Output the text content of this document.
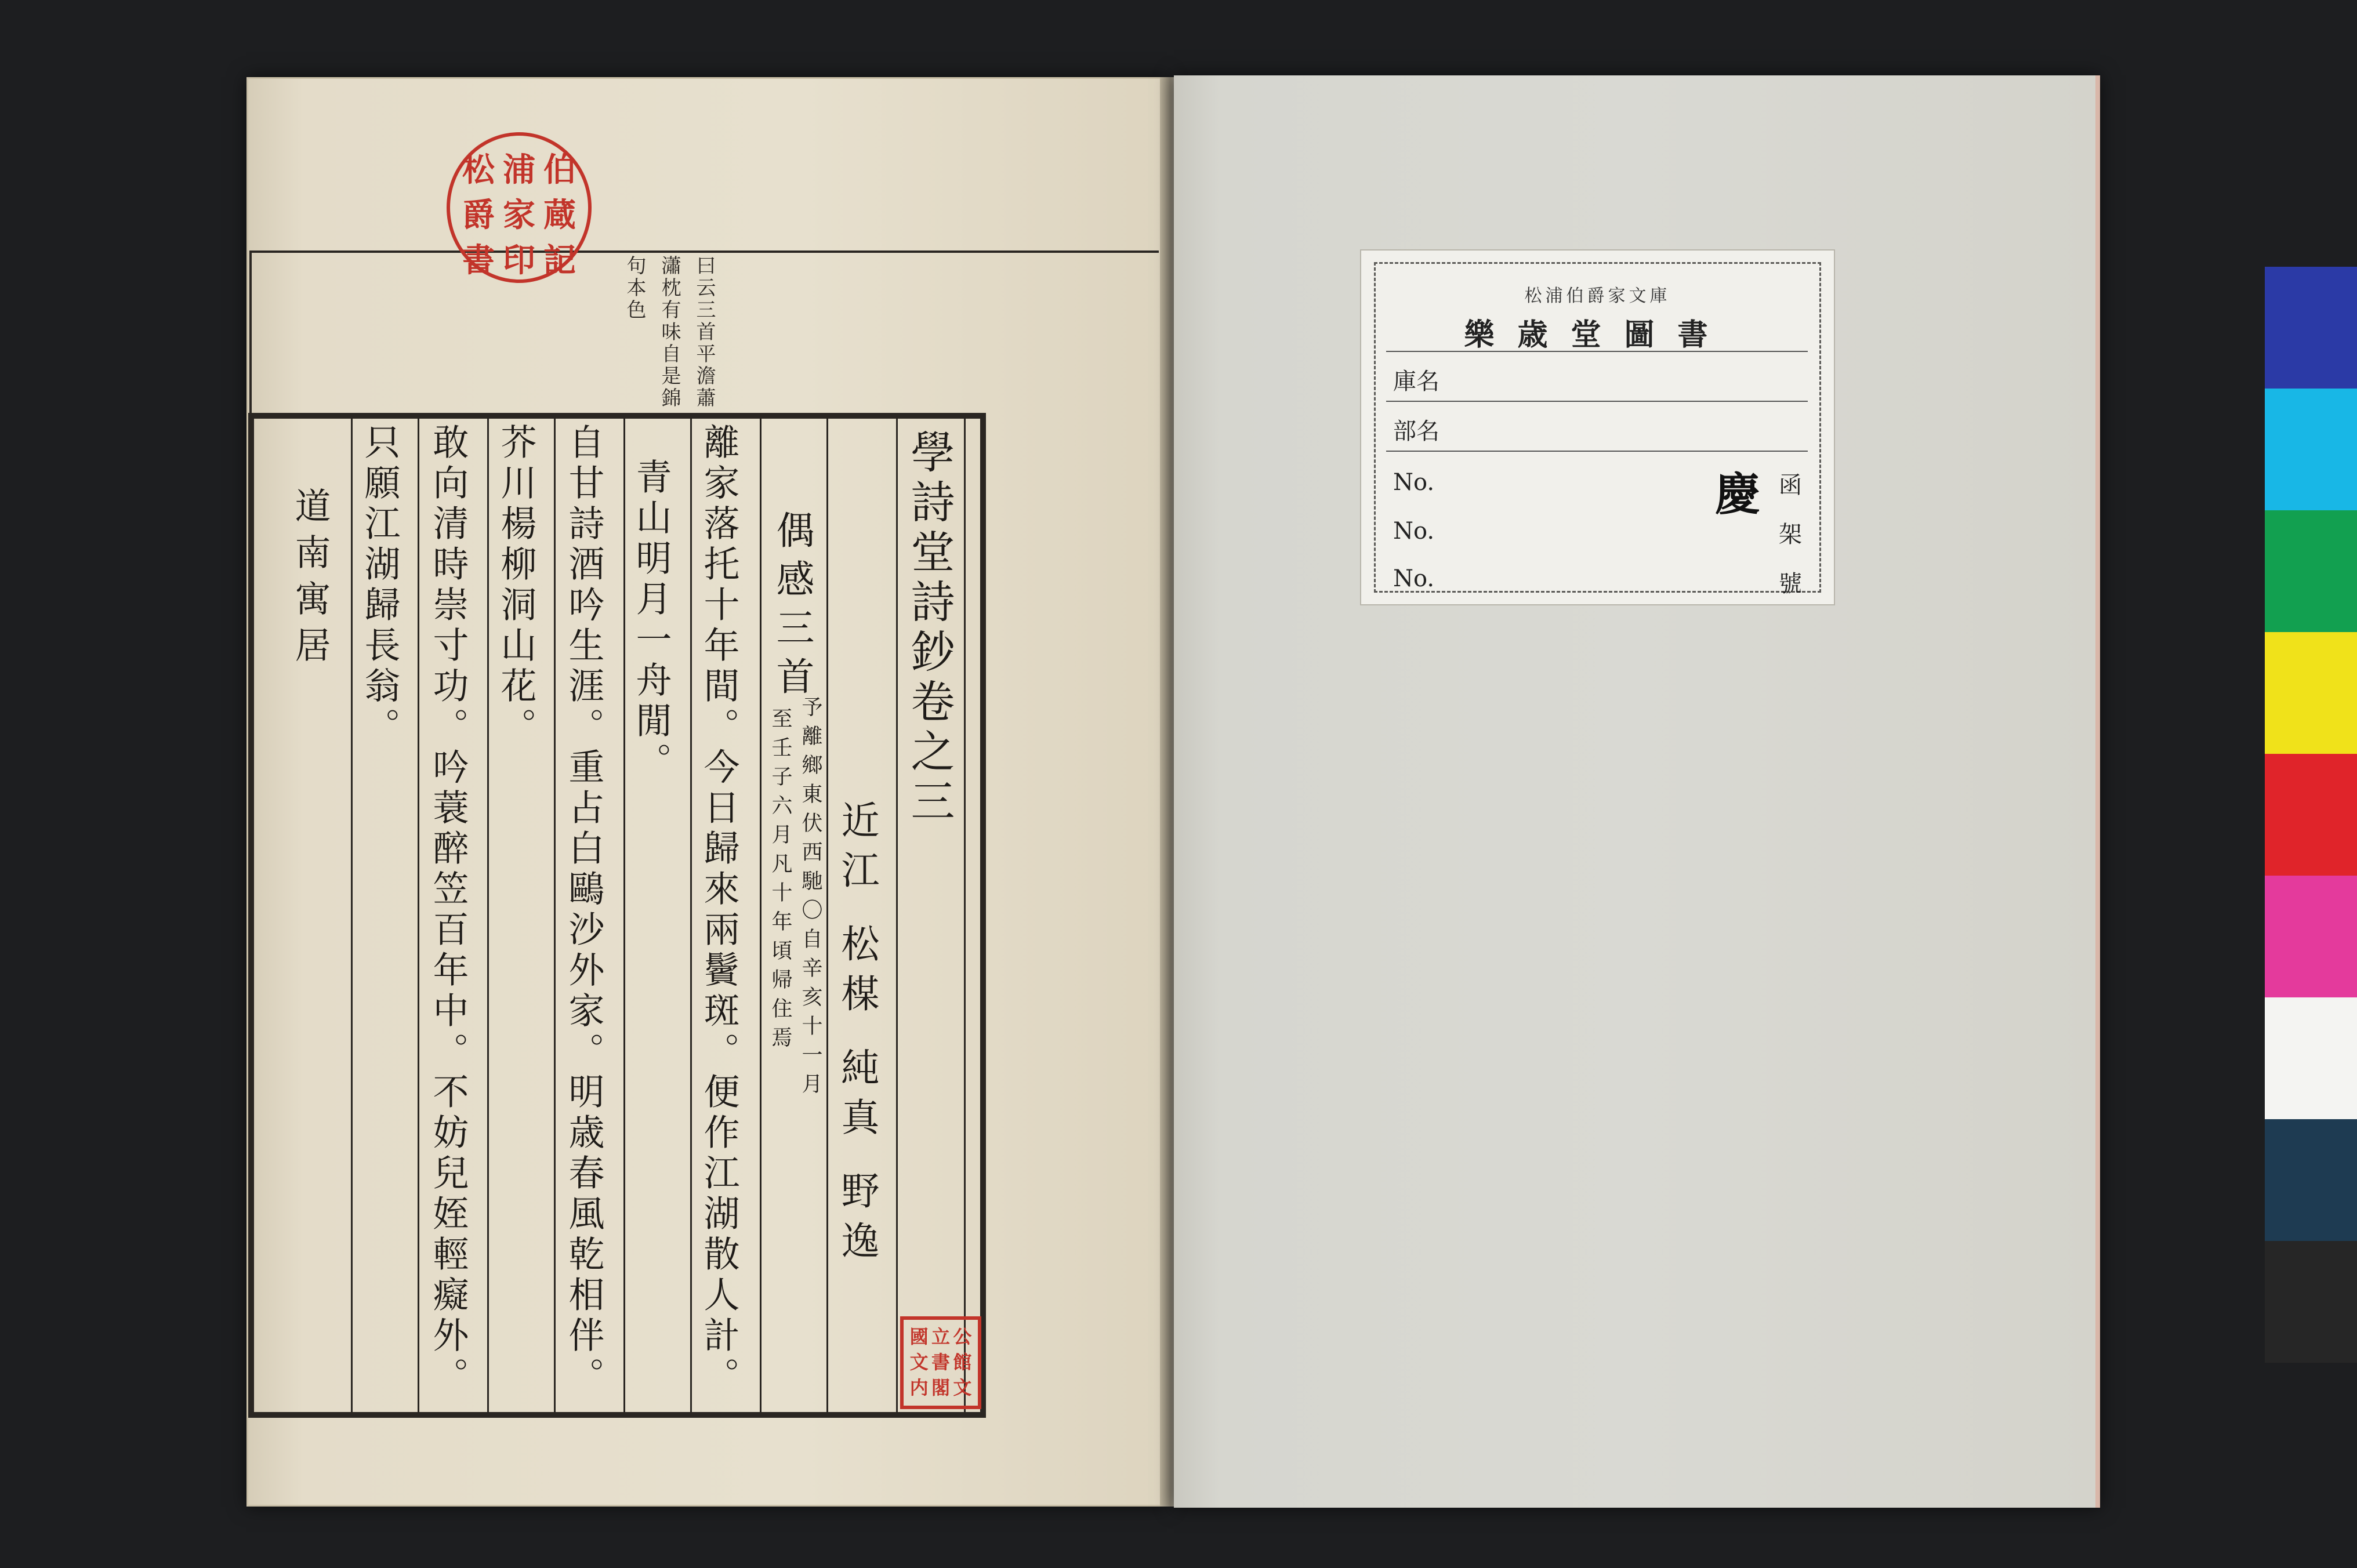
松 浦 伯
爵 家 蔵
書 印 記	曰云三首平澹蕭
瀟枕有味自是錦
句本色
學詩堂詩鈔卷之三
近江 松楳 純真 野逸
偶感三首
予離鄉東伏西馳〇自辛亥十一月
至壬子六月凡十年頃帰住焉
離家落托十年間。今日歸來兩鬢斑。便作江湖散人計。
青山明月一舟閒。
自甘詩酒吟生涯。重占白鷗沙外家。明歳春風乾相伴。
芥川楊柳洞山花。
敢向清時崇寸功。吟蓑醉笠百年中。不妨兒姪輕癡外。
只願江湖歸長翁。
道南寓居
國 立 公
文 書 館
内 閣 文
松浦伯爵家文庫
樂歳堂圖書
庫名
部名
No.
No.
No.
函
架
號
慶
